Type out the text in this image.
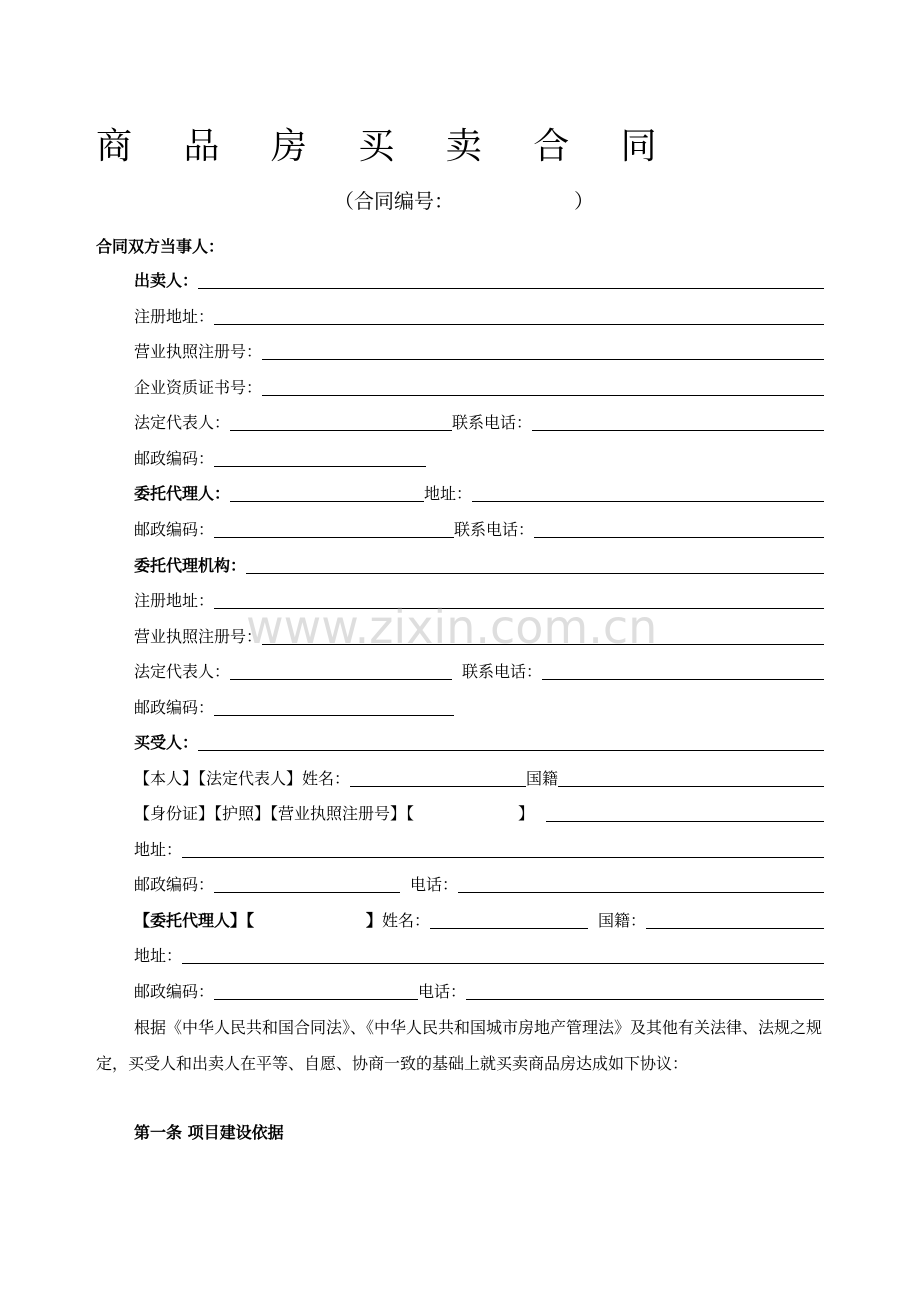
商 品 房 买 卖 合 同
（合同编号：	）
合同双方当事人：
出卖人：
注册地址：
营业执照注册号：
企业资质证书号：
法定代表人：	联系电话：
邮政编码：
委托代理人：	地址：
邮政编码：	联系电话：
委托代理机构：
注册地址：
营业执照注册号：
法定代表人：	联系电话：
邮政编码：
买受人：
【本人】【法定代表人】 姓名：	国籍
【身份证】【护照】【营业执照注册号】【	】
地址：
邮政编码：	电话：
【委托代理人】【	】 姓名：	国籍：
地址：
邮政编码：	电话：
根据《中华人民共和国合同法》、《中华人民共和国城市房地产管理法》及其他有关法律、法规之规定，买受人和出卖人在平等、自愿、协商一致的基础上就买卖商品房达成如下协议：
第一条 项目建设依据
www.zixin.com.cn
